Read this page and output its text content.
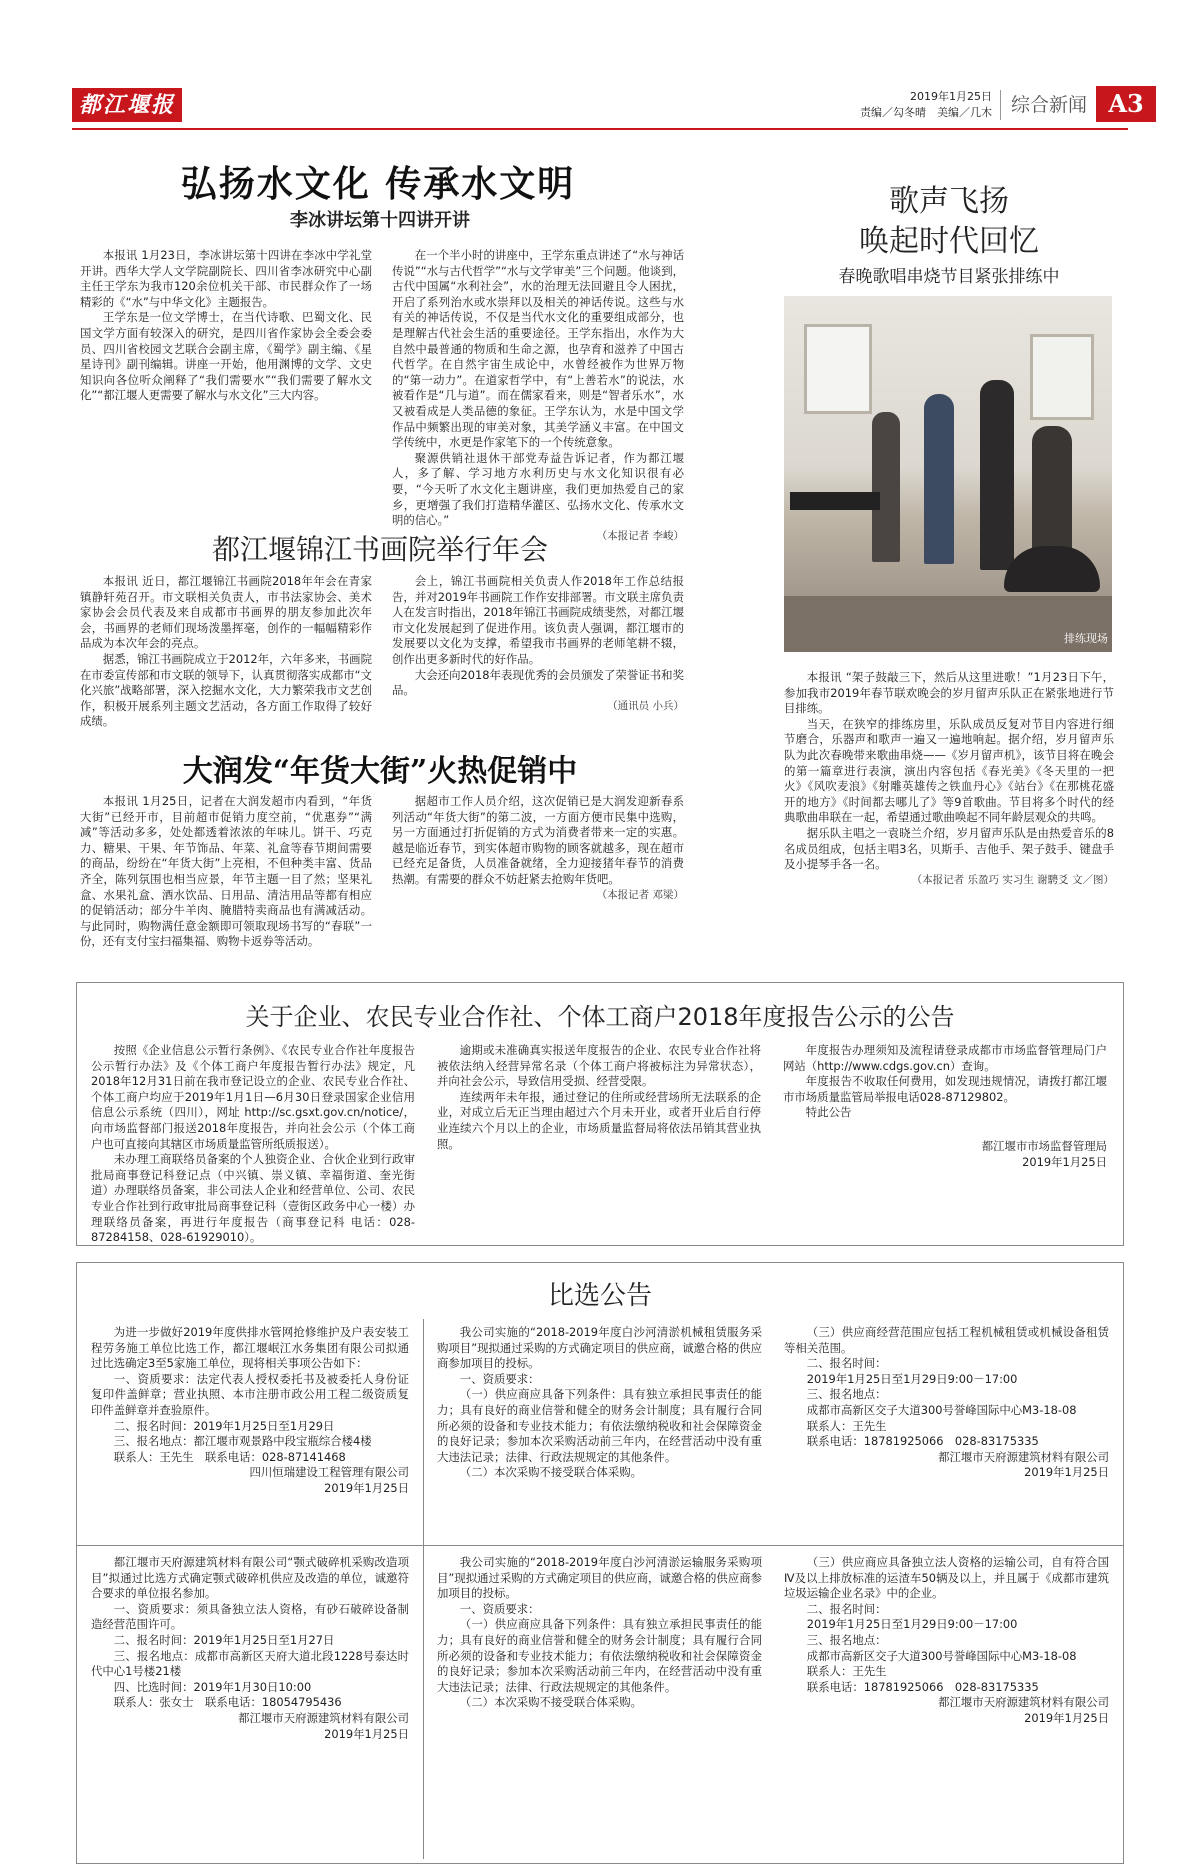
都江堰报	2019年1月25日
责编／勾冬晴　美编／几木 综合新闻 A3
弘扬水文化 传承水文明
李冰讲坛第十四讲开讲

本报讯 1月23日，李冰讲坛第十四讲在李冰中学礼堂开讲。西华大学人文学院副院长、四川省李冰研究中心副主任王学东为我市120余位机关干部、市民群众作了一场精彩的《“水”与中华文化》主题报告。

王学东是一位文学博士，在当代诗歌、巴蜀文化、民国文学方面有较深入的研究，是四川省作家协会全委会委员、四川省校园文艺联合会副主席，《蜀学》副主编、《星星诗刊》副刊编辑。讲座一开始，他用渊博的文学、文史知识向各位听众阐释了“我们需要水”“我们需要了解水文化”“都江堰人更需要了解水与水文化”三大内容。

在一个半小时的讲座中，王学东重点讲述了“水与神话传说”“水与古代哲学”“水与文学审美”三个问题。他谈到，古代中国属“水利社会”，水的治理无法回避且令人困扰，开启了系列治水或水崇拜以及相关的神话传说。这些与水有关的神话传说，不仅是当代水文化的重要组成部分，也是理解古代社会生活的重要途径。王学东指出，水作为大自然中最普通的物质和生命之源，也孕育和滋养了中国古代哲学。在自然宇宙生成论中，水曾经被作为世界万物的“第一动力”。在道家哲学中，有“上善若水”的说法，水被看作是“几与道”。而在儒家看来，则是“智者乐水”，水又被看成是人类品德的象征。王学东认为，水是中国文学作品中频繁出现的审美对象，其美学涵义丰富。在中国文学传统中，水更是作家笔下的一个传统意象。

聚源供销社退休干部党寿益告诉记者，作为都江堰人，多了解、学习地方水利历史与水文化知识很有必要，“今天听了水文化主题讲座，我们更加热爱自己的家乡，更增强了我们打造精华灌区、弘扬水文化、传承水文明的信心。”

（本报记者 李峻）
都江堰锦江书画院举行年会

本报讯 近日，都江堰锦江书画院2018年年会在青家镇静轩苑召开。市文联相关负责人，市书法家协会、美术家协会会员代表及来自成都市书画界的朋友参加此次年会，书画界的老师们现场泼墨挥毫，创作的一幅幅精彩作品成为本次年会的亮点。

据悉，锦江书画院成立于2012年，六年多来，书画院在市委宣传部和市文联的领导下，认真贯彻落实成都市“文化兴旅”战略部署，深入挖掘水文化，大力繁荣我市文艺创作，积极开展系列主题文艺活动，各方面工作取得了较好成绩。

会上，锦江书画院相关负责人作2018年工作总结报告，并对2019年书画院工作作安排部署。市文联主席负责人在发言时指出，2018年锦江书画院成绩斐然，对都江堰市文化发展起到了促进作用。该负责人强调，都江堰市的发展要以文化为支撑，希望我市书画界的老师笔耕不辍，创作出更多新时代的好作品。

大会还向2018年表现优秀的会员颁发了荣誉证书和奖品。

（通讯员 小兵）
大润发“年货大街”火热促销中

本报讯 1月25日，记者在大润发超市内看到，“年货大街”已经开市，目前超市促销力度空前，“优惠券”“满减”等活动多多，处处都透着浓浓的年味儿。饼干、巧克力、糖果、干果、年节饰品、年菜、礼盒等春节期间需要的商品，纷纷在“年货大街”上亮相，不但种类丰富、货品齐全，陈列氛围也相当应景，年节主题一目了然；坚果礼盒、水果礼盒、酒水饮品、日用品、清洁用品等都有相应的促销活动；部分牛羊肉、腌腊特卖商品也有满减活动。与此同时，购物满任意金额即可领取现场书写的“春联”一份，还有支付宝扫福集福、购物卡返券等活动。

据超市工作人员介绍，这次促销已是大润发迎新春系列活动“年货大街”的第二波，一方面方便市民集中选购，另一方面通过打折促销的方式为消费者带来一定的实惠。越是临近春节，到实体超市购物的顾客就越多，现在超市已经充足备货，人员准备就绪，全力迎接猪年春节的消费热潮。有需要的群众不妨赶紧去抢购年货吧。

（本报记者 邓梁）
歌声飞扬
唤起时代回忆
春晚歌唱串烧节目紧张排练中
排练现场

本报讯 “架子鼓敲三下，然后从这里进歌！”1月23日下午，参加我市2019年春节联欢晚会的岁月留声乐队正在紧张地进行节目排练。

当天，在狭窄的排练房里，乐队成员反复对节目内容进行细节磨合，乐器声和歌声一遍又一遍地响起。据介绍，岁月留声乐队为此次春晚带来歌曲串烧——《岁月留声机》，该节目将在晚会的第一篇章进行表演，演出内容包括《春光美》《冬天里的一把火》《风吹麦浪》《射雕英雄传之铁血丹心》《站台》《在那桃花盛开的地方》《时间都去哪儿了》等9首歌曲。节目将多个时代的经典歌曲串联在一起，希望通过歌曲唤起不同年龄层观众的共鸣。

据乐队主唱之一袁晓兰介绍，岁月留声乐队是由热爱音乐的8名成员组成，包括主唱3名，贝斯手、吉他手、架子鼓手、键盘手及小提琴手各一名。

（本报记者 乐盈巧 实习生 谢騁爻 文／图）
关于企业、农民专业合作社、个体工商户2018年度报告公示的公告

按照《企业信息公示暂行条例》、《农民专业合作社年度报告公示暂行办法》及《个体工商户年度报告暂行办法》规定，凡2018年12月31日前在我市登记设立的企业、农民专业合作社、个体工商户均应于2019年1月1日—6月30日登录国家企业信用信息公示系统（四川），网址 http://sc.gsxt.gov.cn/notice/，向市场监督部门报送2018年度报告，并向社会公示（个体工商户也可直接向其辖区市场质量监管所纸质报送）。

未办理工商联络员备案的个人独资企业、合伙企业到行政审批局商事登记科登记点（中兴镇、崇义镇、幸福街道、奎光街道）办理联络员备案，非公司法人企业和经营单位、公司、农民专业合作社到行政审批局商事登记科（壹街区政务中心一楼）办理联络员备案，再进行年度报告（商事登记科 电话：028-87284158、028-61929010）。

逾期或未准确真实报送年度报告的企业、农民专业合作社将被依法纳入经营异常名录（个体工商户将被标注为异常状态），并向社会公示，导致信用受损、经营受限。

连续两年未年报，通过登记的住所或经营场所无法联系的企业，对成立后无正当理由超过六个月未开业，或者开业后自行停业连续六个月以上的企业，市场质量监督局将依法吊销其营业执照。

年度报告办理须知及流程请登录成都市市场监督管理局门户网站（http://www.cdgs.gov.cn）查询。

年度报告不收取任何费用，如发现违规情况，请拨打都江堰市市场质量监管局举报电话028-87129802。

特此公告

都江堰市市场监督管理局
2019年1月25日
比选公告

为进一步做好2019年度供排水管网抢修维护及户表安装工程劳务施工单位比选工作，都江堰岷江水务集团有限公司拟通过比选确定3至5家施工单位，现将相关事项公告如下：

一、资质要求：法定代表人授权委托书及被委托人身份证复印件盖鲜章；营业执照、本市注册市政公用工程二级资质复印件盖鲜章并查验原件。

二、报名时间：2019年1月25日至1月29日

三、报名地点：都江堰市观景路中段宝瓶综合楼4楼

联系人：王先生　联系电话：028-87141468

四川恒瑞建设工程管理有限公司
2019年1月25日

我公司实施的“2018-2019年度白沙河清淤机械租赁服务采购项目”现拟通过采购的方式确定项目的供应商，诚邀合格的供应商参加项目的投标。

一、资质要求：

（一）供应商应具备下列条件：具有独立承担民事责任的能力；具有良好的商业信誉和健全的财务会计制度；具有履行合同所必须的设备和专业技术能力；有依法缴纳税收和社会保障资金的良好记录；参加本次采购活动前三年内，在经营活动中没有重大违法记录；法律、行政法规规定的其他条件。

（二）本次采购不接受联合体采购。

（三）供应商经营范围应包括工程机械租赁或机械设备租赁等相关范围。

二、报名时间：

2019年1月25日至1月29日9:00－17:00

三、报名地点：

成都市高新区交子大道300号誉峰国际中心M3-18-08

联系人：王先生

联系电话：18781925066　028-83175335

都江堰市天府源建筑材料有限公司
2019年1月25日

都江堰市天府源建筑材料有限公司“颚式破碎机采购改造项目”拟通过比选方式确定颚式破碎机供应及改造的单位，诚邀符合要求的单位报名参加。

一、资质要求：须具备独立法人资格，有砂石破碎设备制造经营范围许可。

二、报名时间：2019年1月25日至1月27日

三、报名地点：成都市高新区天府大道北段1228号泰达时代中心1号楼21楼

四、比选时间：2019年1月30日10:00

联系人：张女士　联系电话：18054795436

都江堰市天府源建筑材料有限公司
2019年1月25日

我公司实施的“2018-2019年度白沙河清淤运输服务采购项目”现拟通过采购的方式确定项目的供应商，诚邀合格的供应商参加项目的投标。

一、资质要求：

（一）供应商应具备下列条件：具有独立承担民事责任的能力；具有良好的商业信誉和健全的财务会计制度；具有履行合同所必须的设备和专业技术能力；有依法缴纳税收和社会保障资金的良好记录；参加本次采购活动前三年内，在经营活动中没有重大违法记录；法律、行政法规规定的其他条件。

（二）本次采购不接受联合体采购。

（三）供应商应具备独立法人资格的运输公司，自有符合国Ⅳ及以上排放标准的运渣车50辆及以上，并且属于《成都市建筑垃圾运输企业名录》中的企业。

二、报名时间：

2019年1月25日至1月29日9:00－17:00

三、报名地点：

成都市高新区交子大道300号誉峰国际中心M3-18-08

联系人：王先生

联系电话：18781925066　028-83175335

都江堰市天府源建筑材料有限公司
2019年1月25日
